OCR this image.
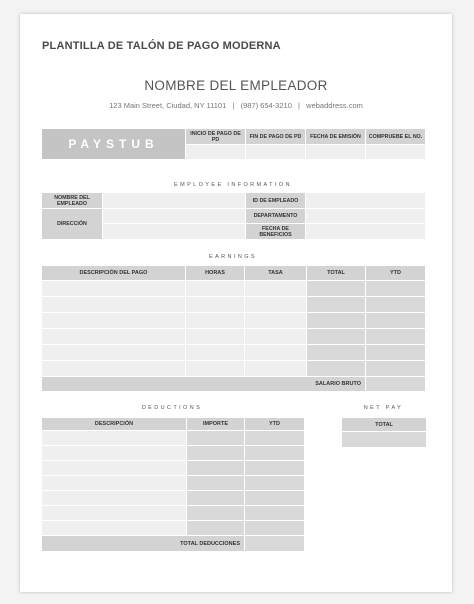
PLANTILLA DE TALÓN DE PAGO MODERNA
NOMBRE DEL EMPLEADOR
123 Main Street, Ciudad, NY 11101 | (987) 654-3210 | webaddress.com
PAYSTUB	INICIO DE PAGO DE PD	FIN DE PAGO DE PD	FECHA DE EMISIÓN	COMPRUEBE EL NO.

EMPLOYEE INFORMATION
NOMBRE DEL EMPLEADO		ID DE EMPLEADO	
DIRECCIÓN		DEPARTAMENTO	
		FECHA DE BENEFICIOS	
EARNINGS
DESCRIPCIÓN DEL PAGO	HORAS	TASA	TOTAL	YTD

SALARIO BRUTO				
DEDUCTIONS
DESCRIPCIÓN	IMPORTE	YTD

TOTAL DEDUCCIONES		
NET PAY
TOTAL
